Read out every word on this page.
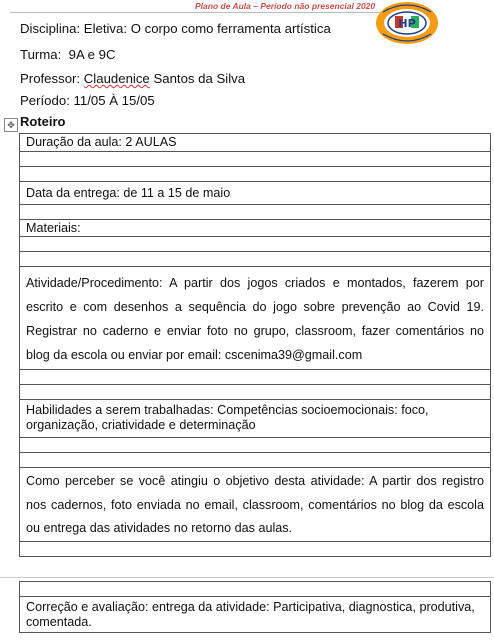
Plano de Aula – Período não presencial 2020
HP
Disciplina: Eletiva: O corpo como ferramenta artística
Turma: 9A e 9C
Professor: Claudenice Santos da Silva
Período: 11/05 À 15/05
✥ Roteiro
Duração da aula: 2 AULAS

Data da entrega: de 11 a 15 de maio

Materiais:

Atividade/Procedimento: A partir dos jogos criados e montados, fazerem por escrito e com desenhos a sequência do jogo sobre prevenção ao Covid 19. Registrar no caderno e enviar foto no grupo, classroom, fazer comentários no blog da escola ou enviar por email: cscenima39@gmail.com

Habilidades a serem trabalhadas: Competências socioemocionais: foco, organização, criatividade e determinação

Como perceber se você atingiu o objetivo desta atividade: A partir dos registro nos cadernos, foto enviada no email, classroom, comentários no blog da escola ou entrega das atividades no retorno das aulas.

Correção e avaliação: entrega da atividade: Participativa, diagnostica, produtiva, comentada.
